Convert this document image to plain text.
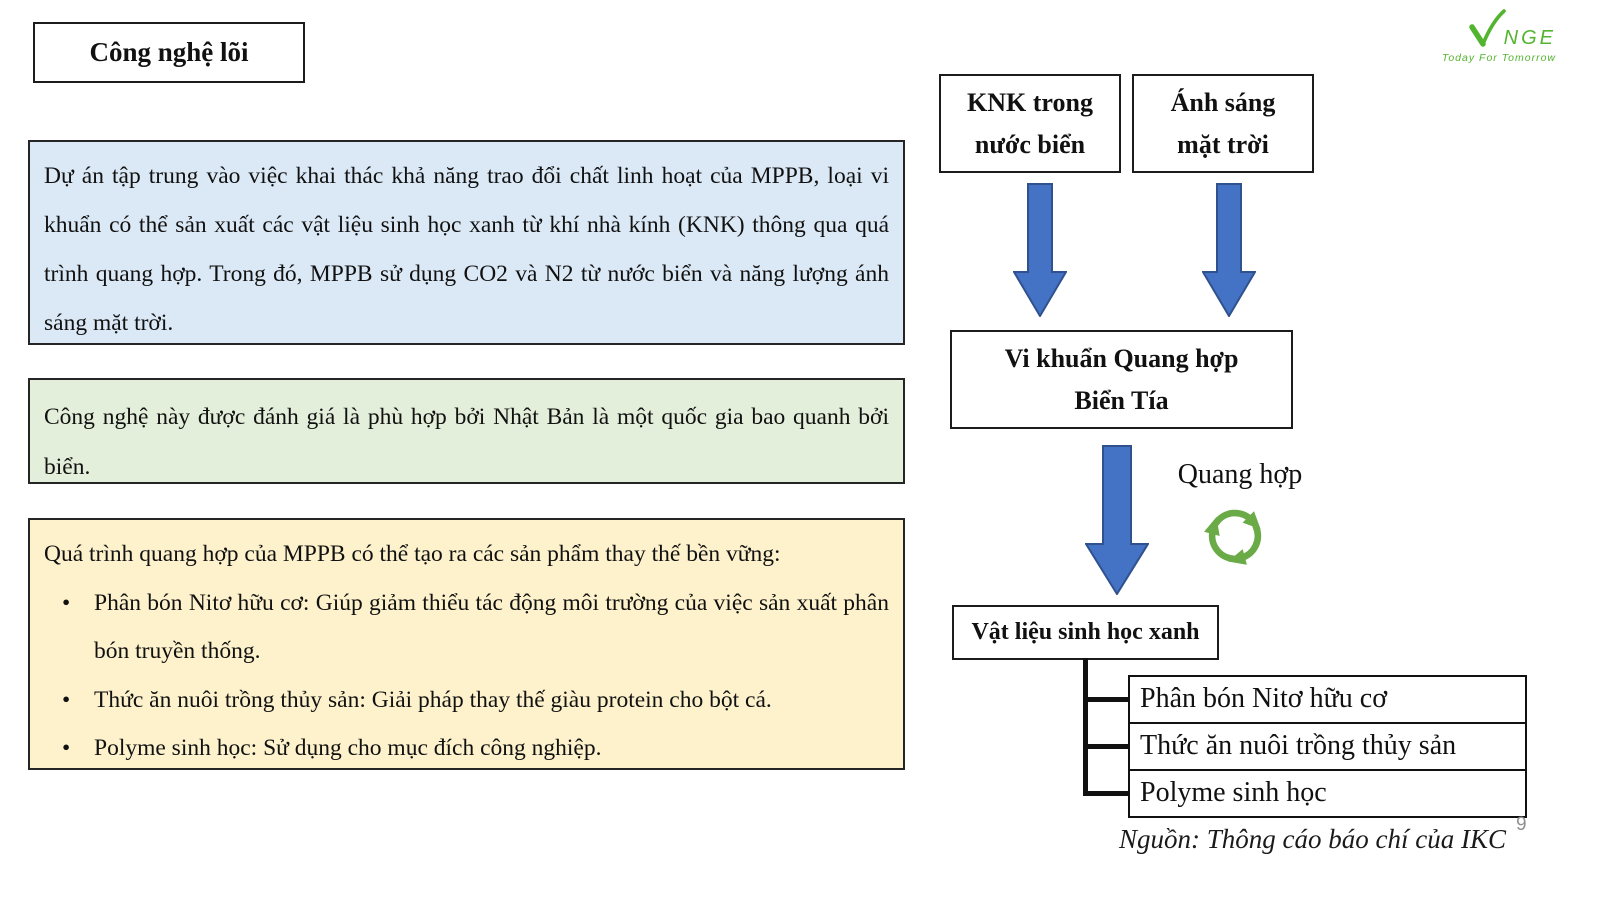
Công nghệ lõi	NGE
Today For Tomorrow
Dự án tập trung vào việc khai thác khả năng trao đổi chất linh hoạt của MPPB, loại vi khuẩn có thể sản xuất các vật liệu sinh học xanh từ khí nhà kính (KNK) thông qua quá trình quang hợp. Trong đó, MPPB sử dụng CO2 và N2 từ nước biển và năng lượng ánh sáng mặt trời.
Công nghệ này được đánh giá là phù hợp bởi Nhật Bản là một quốc gia bao quanh bởi biển.
Quá trình quang hợp của MPPB có thể tạo ra các sản phẩm thay thế bền vững:
• Phân bón Nitơ hữu cơ: Giúp giảm thiểu tác động môi trường của việc sản xuất phân bón truyền thống.
• Thức ăn nuôi trồng thủy sản: Giải pháp thay thế giàu protein cho bột cá.
• Polyme sinh học: Sử dụng cho mục đích công nghiệp.
KNK trong
nước biển
Ánh sáng
mặt trời
Vi khuẩn Quang hợp
Biển Tía
Quang hợp
Vật liệu sinh học xanh
Phân bón Nitơ hữu cơ
Thức ăn nuôi trồng thủy sản
Polyme sinh học
Nguồn: Thông cáo báo chí của IKC 9
